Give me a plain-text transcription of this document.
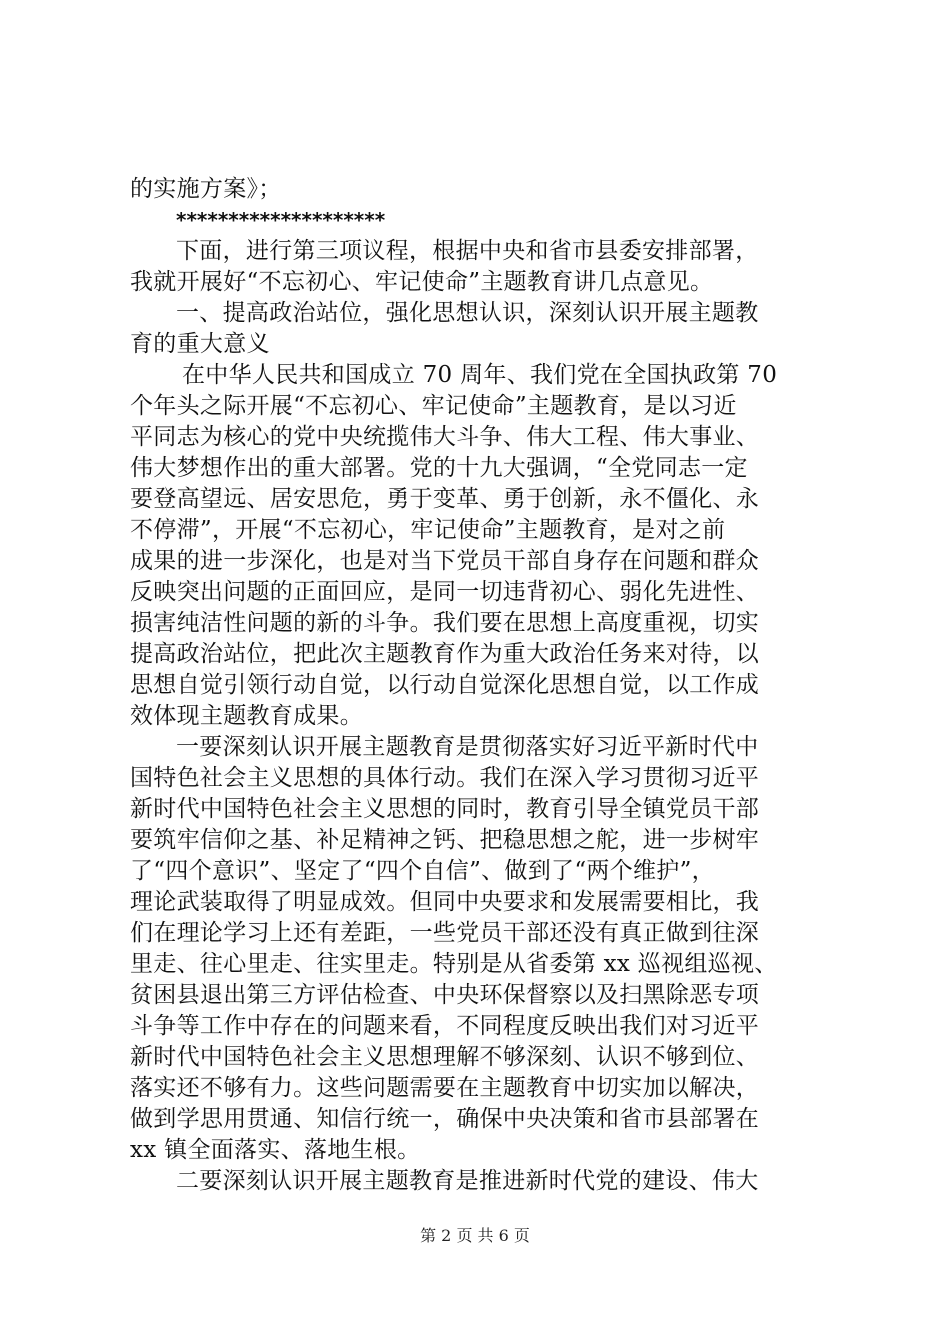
的实施方案》；
********************
下面，进行第三项议程，根据中央和省市县委安排部署，
我就开展好“不忘初心、牢记使命”主题教育讲几点意见。
一、提高政治站位，强化思想认识，深刻认识开展主题教
育的重大意义
在中华人民共和国成立 70 周年、我们党在全国执政第 70
个年头之际开展“不忘初心、牢记使命”主题教育，是以习近
平同志为核心的党中央统揽伟大斗争、伟大工程、伟大事业、
伟大梦想作出的重大部署。党的十九大强调，“全党同志一定
要登高望远、居安思危，勇于变革、勇于创新，永不僵化、永
不停滞”，开展“不忘初心，牢记使命”主题教育，是对之前
成果的进一步深化，也是对当下党员干部自身存在问题和群众
反映突出问题的正面回应，是同一切违背初心、弱化先进性、
损害纯洁性问题的新的斗争。我们要在思想上高度重视，切实
提高政治站位，把此次主题教育作为重大政治任务来对待，以
思想自觉引领行动自觉，以行动自觉深化思想自觉，以工作成
效体现主题教育成果。
一要深刻认识开展主题教育是贯彻落实好习近平新时代中
国特色社会主义思想的具体行动。我们在深入学习贯彻习近平
新时代中国特色社会主义思想的同时，教育引导全镇党员干部
要筑牢信仰之基、补足精神之钙、把稳思想之舵，进一步树牢
了“四个意识”、坚定了“四个自信”、做到了“两个维护”，
理论武装取得了明显成效。但同中央要求和发展需要相比，我
们在理论学习上还有差距，一些党员干部还没有真正做到往深
里走、往心里走、往实里走。特别是从省委第 xx 巡视组巡视、
贫困县退出第三方评估检查、中央环保督察以及扫黑除恶专项
斗争等工作中存在的问题来看，不同程度反映出我们对习近平
新时代中国特色社会主义思想理解不够深刻、认识不够到位、
落实还不够有力。这些问题需要在主题教育中切实加以解决，
做到学思用贯通、知信行统一，确保中央决策和省市县部署在
xx 镇全面落实、落地生根。
二要深刻认识开展主题教育是推进新时代党的建设、伟大
第 2 页 共 6 页
